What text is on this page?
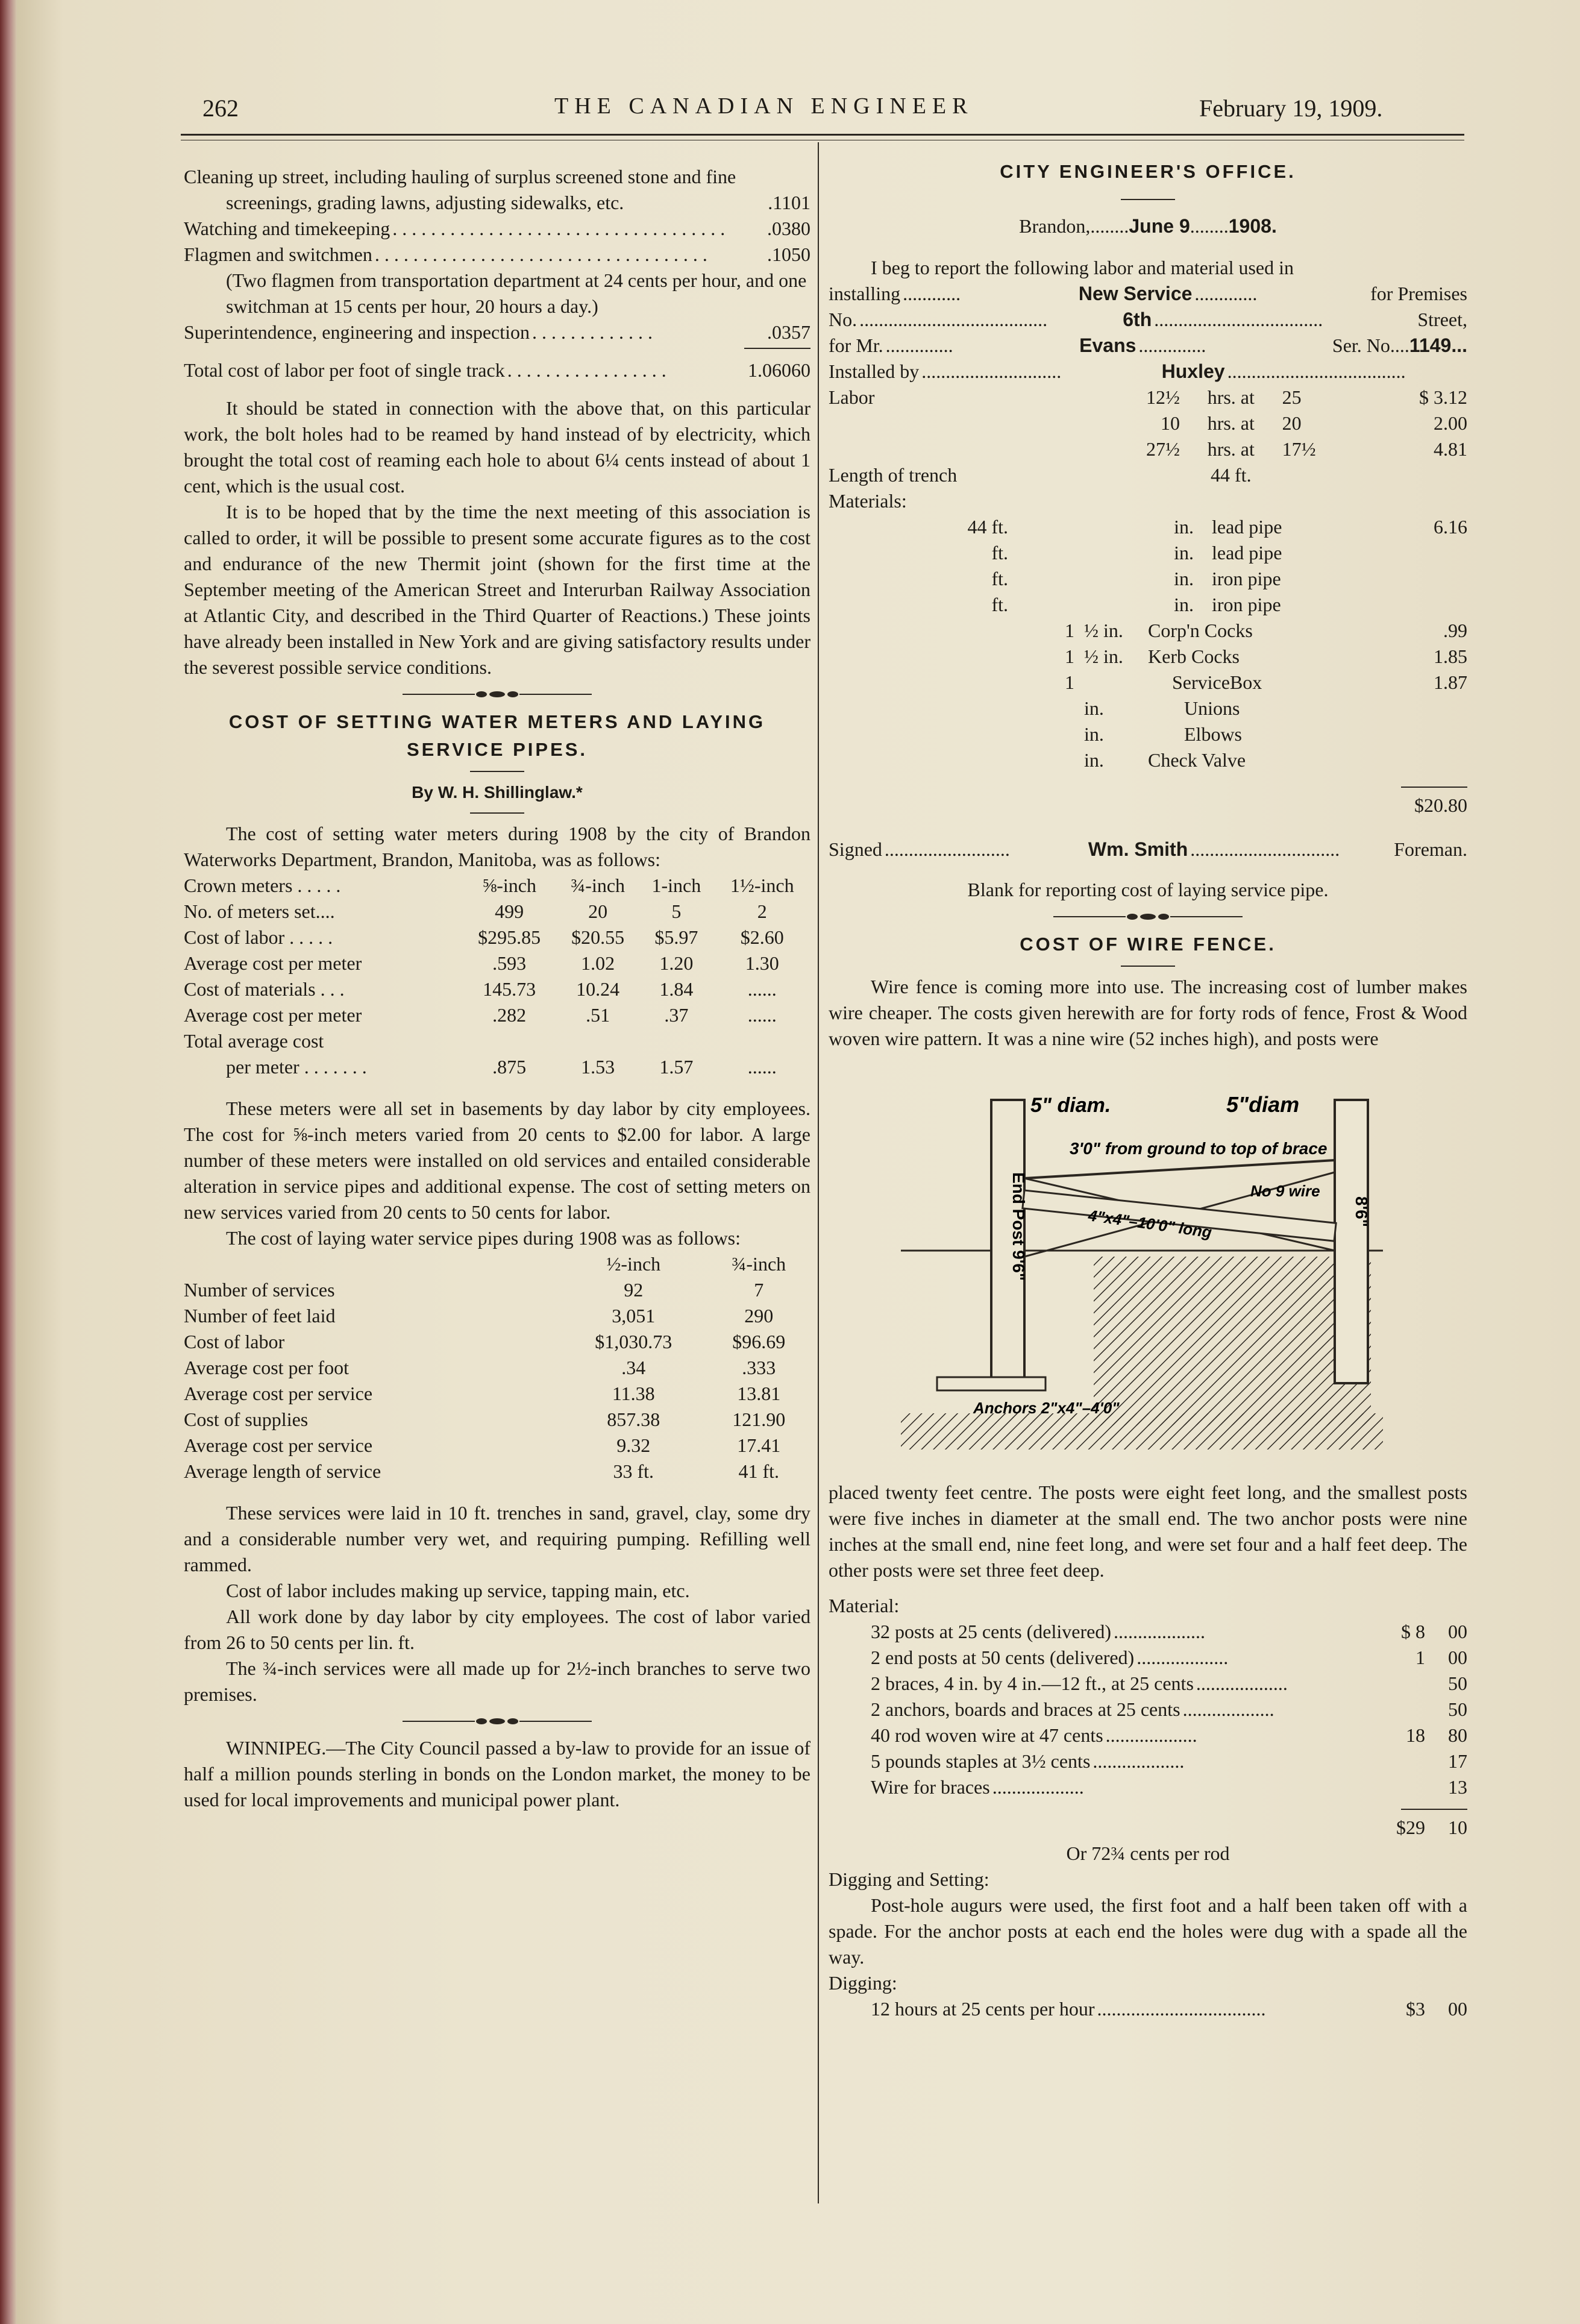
262	THE CANADIAN ENGINEER	February 19, 1909.
Cleaning up street, including hauling of surplus screened stone and fine screenings, grading lawns, adjusting sidewalks, etc.	.1101
Watching and timekeeping . . . . . . . . . . . . . . . . . . . . . . . . . . . . . . . . . . .	.0380
Flagmen and switchmen . . . . . . . . . . . . . . . . . . . . . . . . . . . . . . . . . . .	.1050

(Two flagmen from transportation department at 24 cents per hour, and one switchman at 15 cents per hour, 20 hours a day.)

Superintendence, engineering and inspection . . . . . . . . . . . . .	.0357
Total cost of labor per foot of single track . . . . . . . . . . . . . . . . .	1.06060

It should be stated in connection with the above that, on this particular work, the bolt holes had to be reamed by hand instead of by electricity, which brought the total cost of reaming each hole to about 6¼ cents instead of about 1 cent, which is the usual cost.

It is to be hoped that by the time the next meeting of this association is called to order, it will be possible to present some accurate figures as to the cost and endurance of the new Thermit joint (shown for the first time at the September meeting of the American Street and Interurban Railway Association at Atlantic City, and described in the Third Quarter of Reactions.) These joints have already been installed in New York and are giving satisfactory results under the severest possible service conditions.

COST OF SETTING WATER METERS AND LAYING SERVICE PIPES.
By W. H. Shillinglaw.*

The cost of setting water meters during 1908 by the city of Brandon Waterworks Department, Brandon, Manitoba, was as follows:

Crown meters . . . . .	⅝-inch	¾-inch	1-inch	1½-inch
No. of meters set....	499	20	5	2
Cost of labor . . . . .	$295.85	$20.55	$5.97	$2.60
Average cost per meter	.593	1.02	1.20	1.30
Cost of materials . . .	145.73	10.24	1.84	......
Average cost per meter	.282	.51	.37	......
Total average cost				
per meter . . . . . . .	.875	1.53	1.57	......

These meters were all set in basements by day labor by city employees. The cost for ⅝-inch meters varied from 20 cents to $2.00 for labor. A large number of these meters were installed on old services and entailed considerable alteration in service pipes and additional expense. The cost of setting meters on new services varied from 20 cents to 50 cents for labor.

The cost of laying water service pipes during 1908 was as follows:

	½-inch	¾-inch
Number of services	92	7
Number of feet laid	3,051	290
Cost of labor	$1,030.73	$96.69
Average cost per foot	.34	.333
Average cost per service	11.38	13.81
Cost of supplies	857.38	121.90
Average cost per service	9.32	17.41
Average length of service	33 ft.	41 ft.

These services were laid in 10 ft. trenches in sand, gravel, clay, some dry and a considerable number very wet, and requiring pumping. Refilling well rammed.

Cost of labor includes making up service, tapping main, etc.

All work done by day labor by city employees. The cost of labor varied from 26 to 50 cents per lin. ft.

The ¾-inch services were all made up for 2½-inch branches to serve two premises.

WINNIPEG.—The City Council passed a by-law to provide for an issue of half a million pounds sterling in bonds on the London market, the money to be used for local improvements and municipal power plant.

CITY ENGINEER'S OFFICE.
Brandon,........June 9........1908.

I beg to report the following labor and material used in

installing ............	New Service .............	for Premises
No. .......................................	6th ...................................	Street,
for Mr. ..............	Evans ..............	Ser. No.... 1149...
Installed by .............................	Huxley .....................................
Labor	12½	hrs. at	25	$ 3.12
	10	hrs. at	20	2.00
	27½	hrs. at	17½	4.81
Length of trench		44 ft.		
Materials:				
44 ft.	in.	lead pipe	6.16
ft.	in.	lead pipe	
ft.	in.	iron pipe	
ft.	in.	iron pipe	
1	½ in.	Corp'n Cocks	.99
1	½ in.	Kerb Cocks	1.85
1		ServiceBox	1.87
	in.	Unions	
	in.	Elbows	
	in.	Check Valve	
$20.80
Signed ..........................	Wm. Smith ...............................	Foreman.

Blank for reporting cost of laying service pipe.

COST OF WIRE FENCE.

Wire fence is coming more into use. The increasing cost of lumber makes wire cheaper. The costs given herewith are for forty rods of fence, Frost & Wood woven wire pattern. It was a nine wire (52 inches high), and posts were

5" diam.	5"diam
3'0" from ground to top of brace
4"x4"–10'0" long
No 9 wire
End Post 9'6"	8'6"
Anchors 2"x4"–4'0"

placed twenty feet centre. The posts were eight feet long, and the smallest posts were five inches in diameter at the small end. The two anchor posts were nine inches at the small end, nine feet long, and were set four and a half feet deep. The other posts were set three feet deep.

Material:

32 posts at 25 cents (delivered) ...................	$ 8	00
2 end posts at 50 cents (delivered) ...................	1	00
2 braces, 4 in. by 4 in.—12 ft., at 25 cents ...................	50
2 anchors, boards and braces at 25 cents ...................	50
40 rod woven wire at 47 cents ...................	18	80
5 pounds staples at 3½ cents ...................	17
Wire for braces ...................	13
$29	10

Or 72¾ cents per rod

Digging and Setting:

Post-hole augurs were used, the first foot and a half been taken off with a spade. For the anchor posts at each end the holes were dug with a spade all the way.

Digging:

12 hours at 25 cents per hour ...................................	$3	00
